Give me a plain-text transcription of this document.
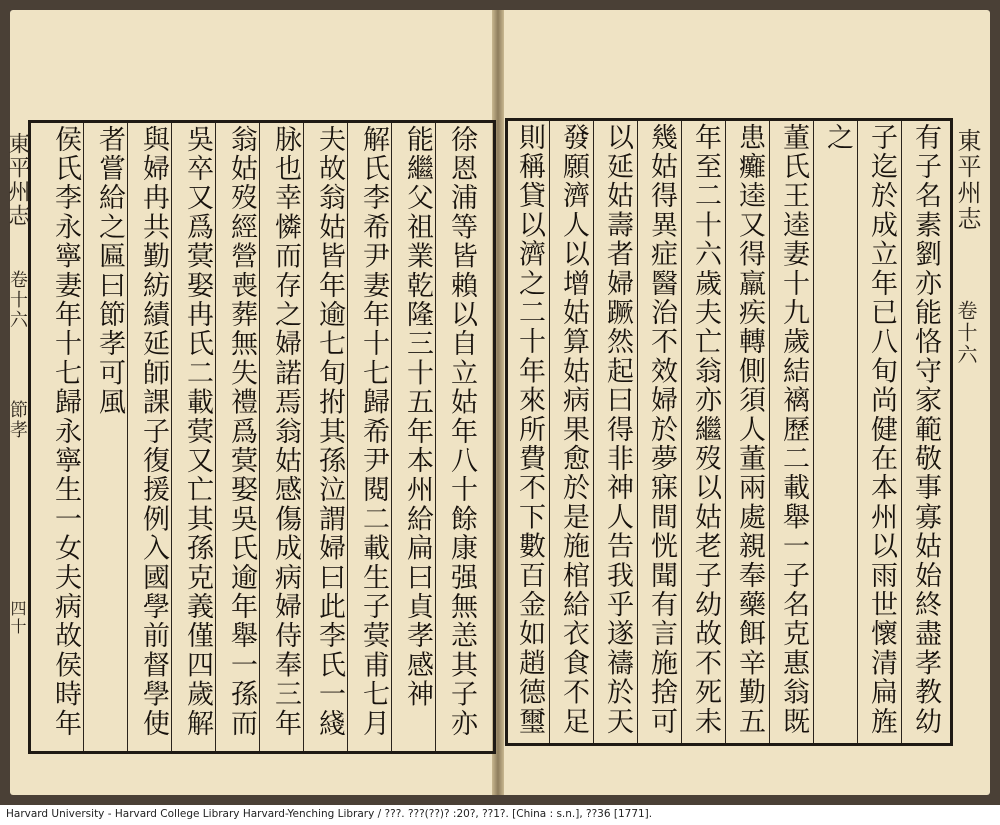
徐恩浦等皆賴以自立姑年八十餘康强無恙其子亦
能繼父祖業乾隆三十五年本州給扁曰貞孝感神
解氏李希尹妻年十七歸希尹閱二載生子蓂甫七月
夫故翁姑皆年逾七旬拊其孫泣謂婦曰此李氏一綫
脉也幸憐而存之婦諾焉翁姑感傷成病婦侍奉三年
翁姑歿經營喪葬無失禮爲蓂娶吳氏逾年舉一孫而
吳卒又爲蓂娶冉氏二載蓂又亡其孫克義僅四歲解
與婦冉共勤紡績延師課子復援例入國學前督學使
者嘗給之匾曰節孝可風
侯氏李永寧妻年十七歸永寧生一女夫病故侯時年
東平州志
卷十六
節孝
四十	有子名素劉亦能恪守家範敬事寡姑始終盡孝教幼
子迄於成立年已八旬尚健在本州以雨世懷清扁旌
之
董氏王逵妻十九歲結褵歷二載舉一子名克惠翁既
患癱逵又得羸疾轉側須人董兩處親奉藥餌辛勤五
年至二十六歲夫亡翁亦繼歿以姑老子幼故不死未
幾姑得異症醫治不效婦於夢寐間恍聞有言施捨可
以延姑壽者婦蹶然起曰得非神人告我乎遂禱於天
發願濟人以增姑算姑病果愈於是施棺給衣食不足
則稱貸以濟之二十年來所費不下數百金如趙德璽	東平州志
卷十六
Harvard University - Harvard College Library Harvard-Yenching Library / ???. ???(??)? :20?, ??1?. [China : s.n.], ??36 [1771].
